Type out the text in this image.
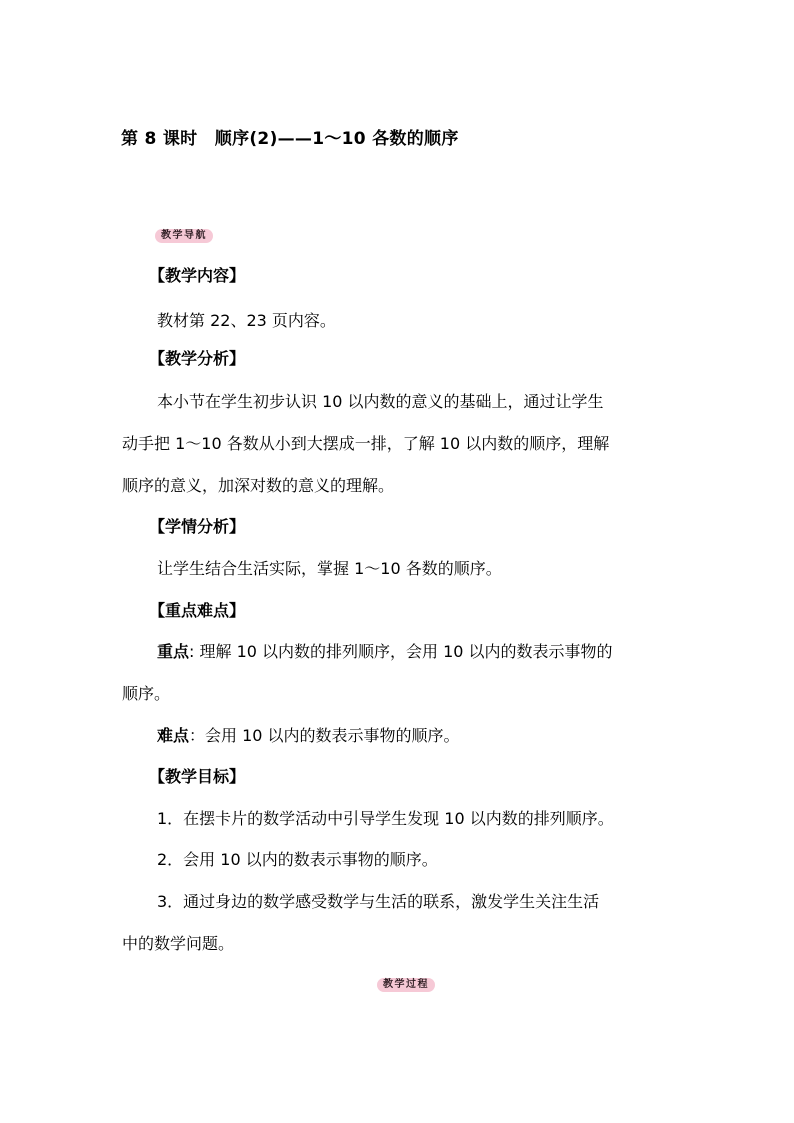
第 8 课时　顺序(2)——1～10 各数的顺序
教学导航
【教学内容】
教材第 22、23 页内容。
【教学分析】
本小节在学生初步认识 10 以内数的意义的基础上，通过让学生
动手把 1～10 各数从小到大摆成一排，了解 10 以内数的顺序，理解
顺序的意义，加深对数的意义的理解。
【学情分析】
让学生结合生活实际，掌握 1～10 各数的顺序。
【重点难点】
重点: 理解 10 以内数的排列顺序，会用 10 以内的数表示事物的
顺序。
难点：会用 10 以内的数表示事物的顺序。
【教学目标】
1．在摆卡片的数学活动中引导学生发现 10 以内数的排列顺序。
2．会用 10 以内的数表示事物的顺序。
3．通过身边的数学感受数学与生活的联系，激发学生关注生活
中的数学问题。
教学过程
